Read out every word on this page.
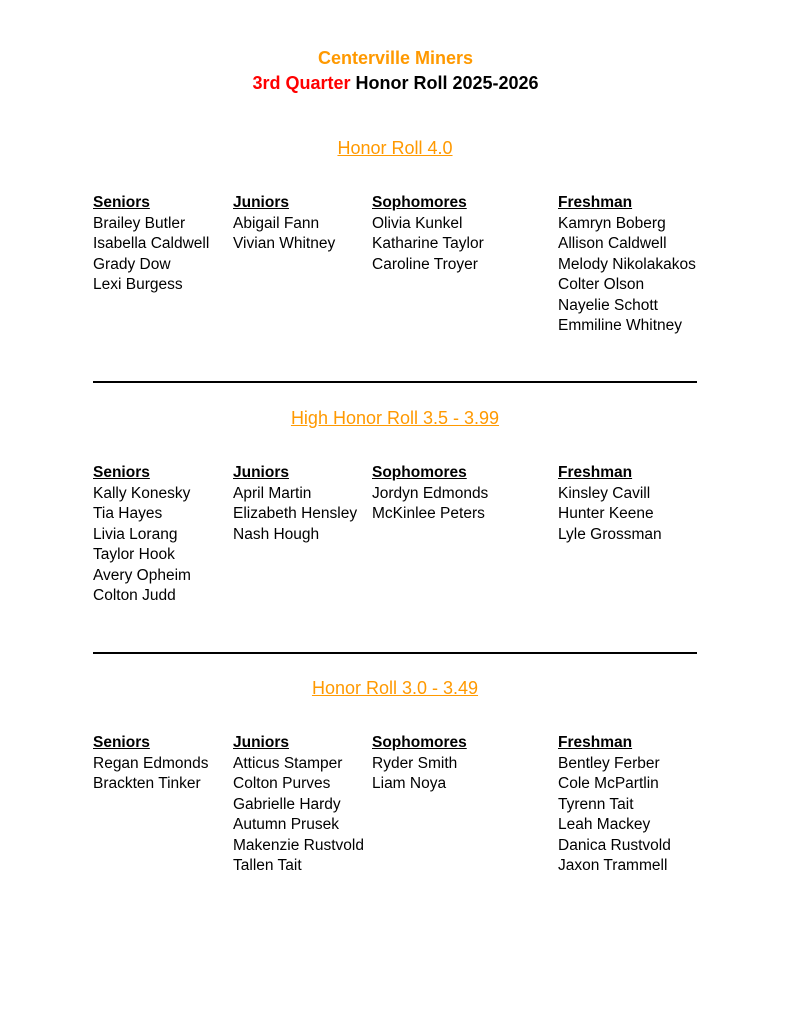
Centerville Miners
3rd Quarter Honor Roll 2025-2026
Honor Roll 4.0
Seniors
Brailey Butler
Isabella Caldwell
Grady Dow
Lexi Burgess
Juniors
Abigail Fann
Vivian Whitney
Sophomores
Olivia Kunkel
Katharine Taylor
Caroline Troyer
Freshman
Kamryn Boberg
Allison Caldwell
Melody Nikolakakos
Colter Olson
Nayelie Schott
Emmiline Whitney
High Honor Roll 3.5 - 3.99
Seniors
Kally Konesky
Tia Hayes
Livia Lorang
Taylor Hook
Avery Opheim
Colton Judd
Juniors
April Martin
Elizabeth Hensley
Nash Hough
Sophomores
Jordyn Edmonds
McKinlee Peters
Freshman
Kinsley Cavill
Hunter Keene
Lyle Grossman
Honor Roll 3.0 - 3.49
Seniors
Regan Edmonds
Brackten Tinker
Juniors
Atticus Stamper
Colton Purves
Gabrielle Hardy
Autumn Prusek
Makenzie Rustvold
Tallen Tait
Sophomores
Ryder Smith
Liam Noya
Freshman
Bentley Ferber
Cole McPartlin
Tyrenn Tait
Leah Mackey
Danica Rustvold
Jaxon Trammell
